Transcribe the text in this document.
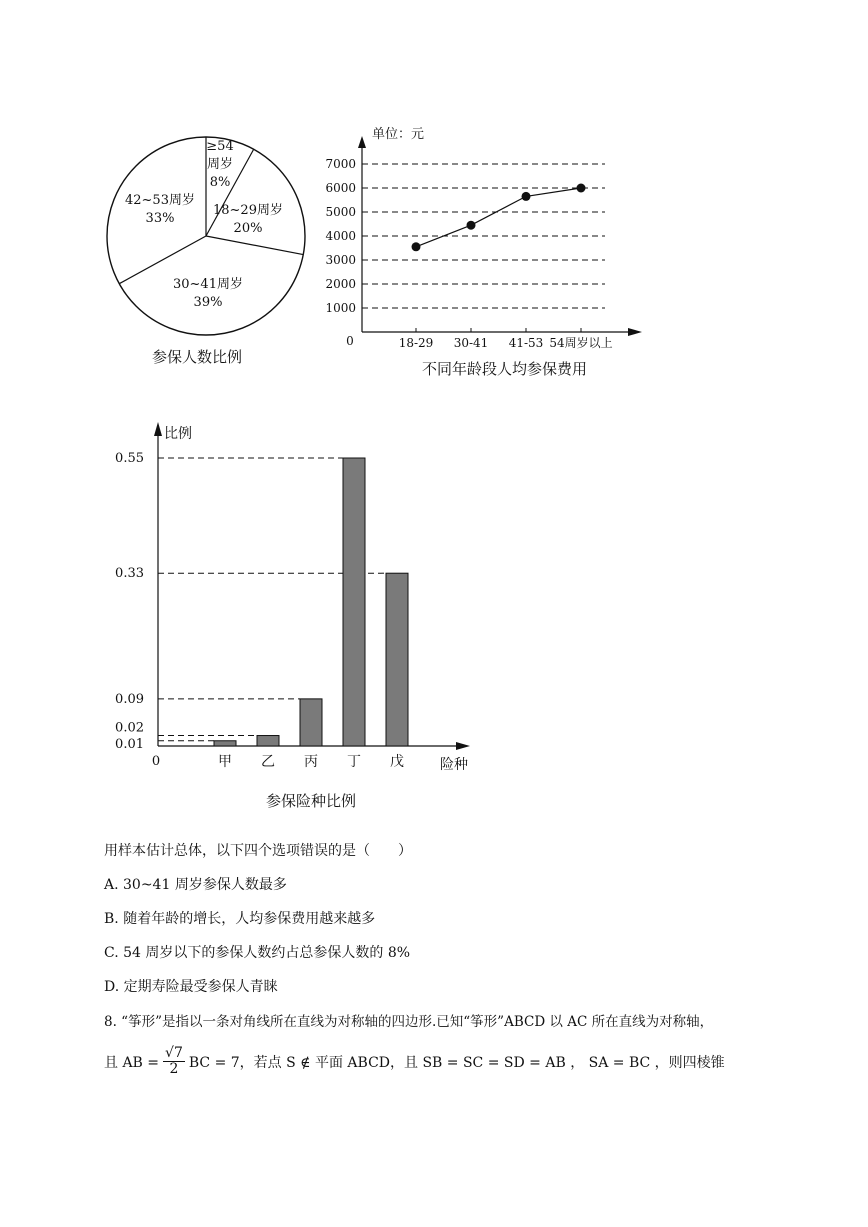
≥54
周岁
8%
18~29周岁
20%
30~41周岁
39%
42~53周岁
33%
参保人数比例
单位：元
0
1000
2000
3000
4000
5000
6000
7000
18-29 30-41 41-53 54周岁以上
不同年龄段人均参保费用
比例
险种
0
0.01
0.02
0.09
0.33
0.55
甲 乙 丙 丁 戊
参保险种比例
用样本估计总体，以下四个选项错误的是（　　）
A. 30~41 周岁参保人数最多
B. 随着年龄的增长，人均参保费用越来越多
C. 54 周岁以下的参保人数约占总参保人数的 8%
D. 定期寿险最受参保人青睐
8. “筝形”是指以一条对角线所在直线为对称轴的四边形.已知“筝形”ABCD 以 AC 所在直线为对称轴，
且 AB = $\frac{√7}{2}$ BC = 7，若点 S ∉ 平面 ABCD，且 SB = SC = SD = AB ， SA = BC ，则四棱锥
